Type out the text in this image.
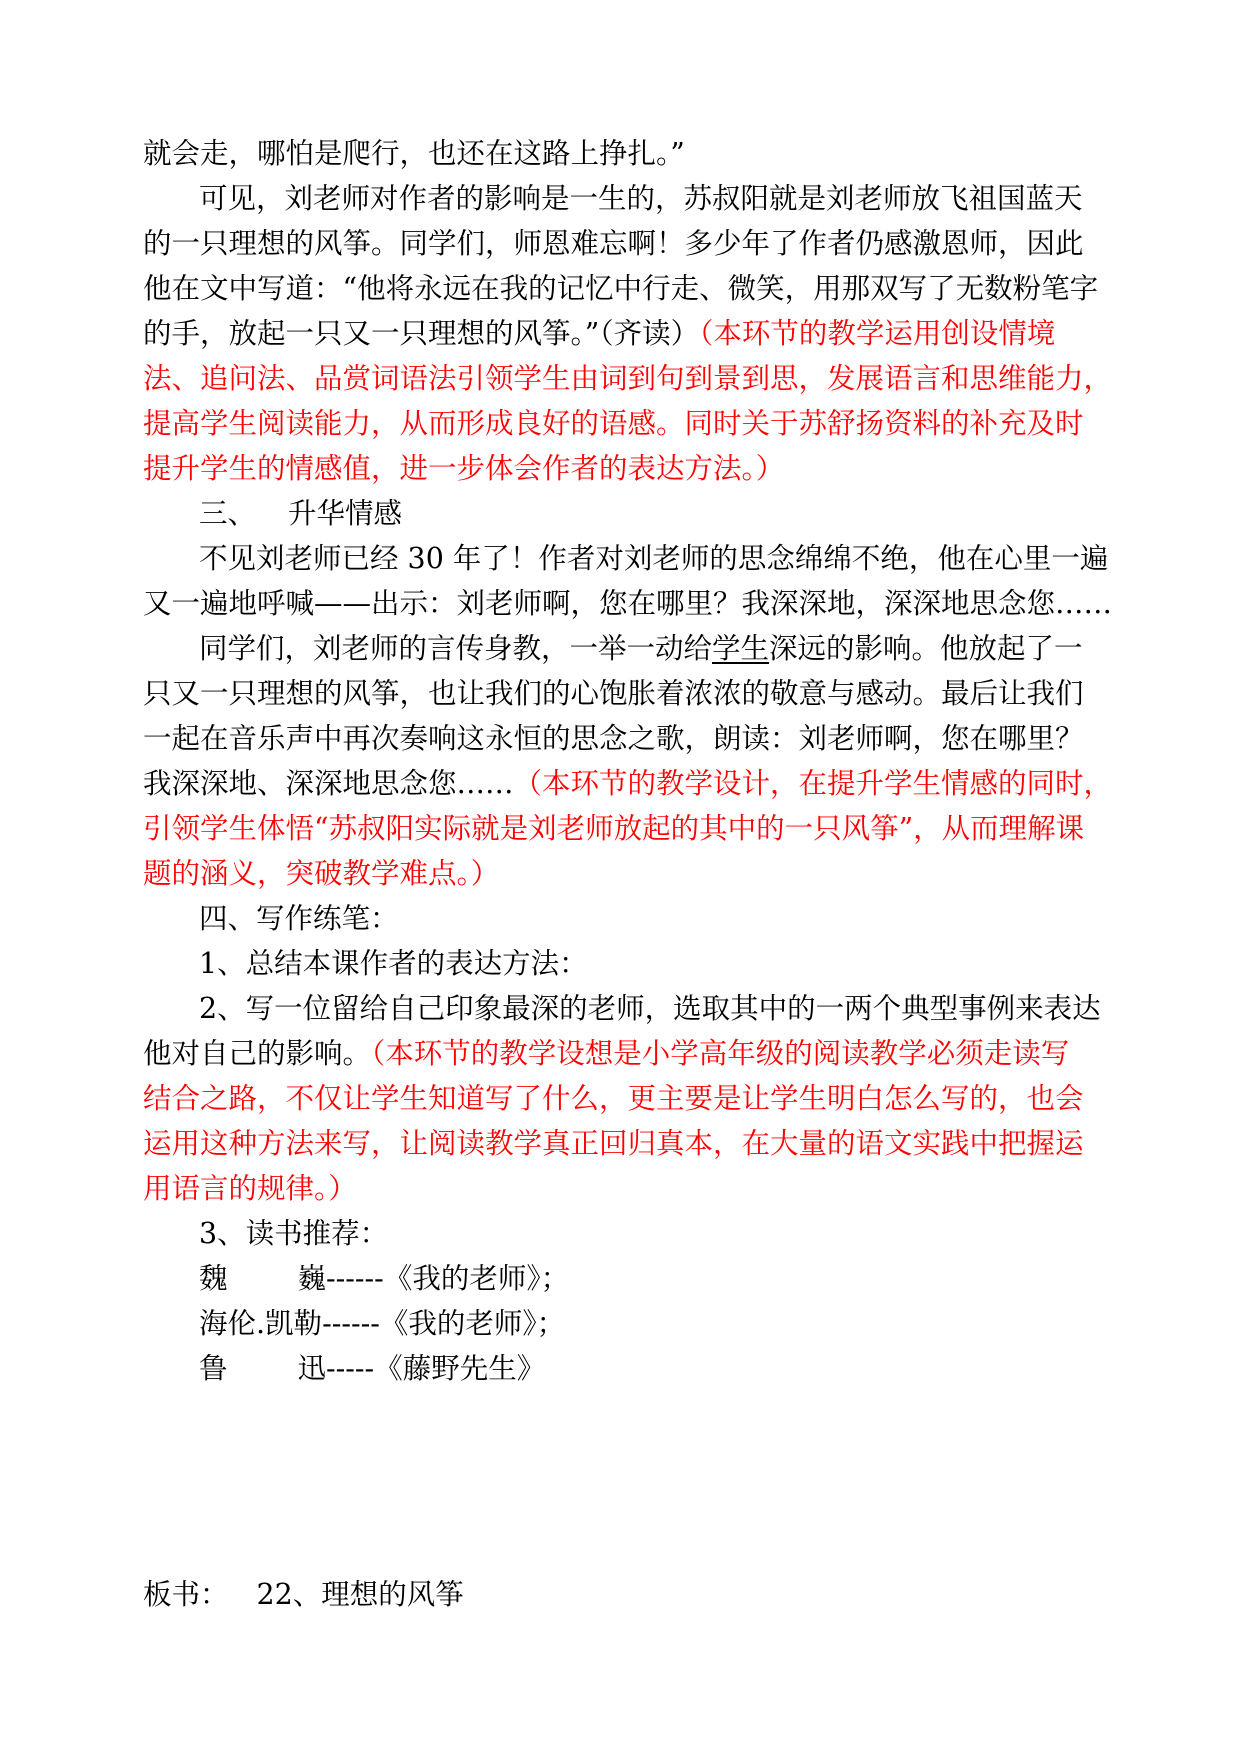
就会走，哪怕是爬行，也还在这路上挣扎。”
可见，刘老师对作者的影响是一生的，苏叔阳就是刘老师放飞祖国蓝天
的一只理想的风筝。同学们，师恩难忘啊！多少年了作者仍感激恩师，因此
他在文中写道：“他将永远在我的记忆中行走、微笑，用那双写了无数粉笔字
的手，放起一只又一只理想的风筝。”（齐读）（本环节的教学运用创设情境
法、追问法、品赏词语法引领学生由词到句到景到思，发展语言和思维能力，
提高学生阅读能力，从而形成良好的语感。同时关于苏舒扬资料的补充及时
提升学生的情感值，进一步体会作者的表达方法。）
三、 升华情感
不见刘老师已经 30 年了！作者对刘老师的思念绵绵不绝，他在心里一遍
又一遍地呼喊——出示：刘老师啊，您在哪里？我深深地，深深地思念您……
同学们，刘老师的言传身教，一举一动给学生深远的影响。他放起了一
只又一只理想的风筝，也让我们的心饱胀着浓浓的敬意与感动。最后让我们
一起在音乐声中再次奏响这永恒的思念之歌，朗读：刘老师啊，您在哪里？
我深深地、深深地思念您……（本环节的教学设计，在提升学生情感的同时，
引领学生体悟“苏叔阳实际就是刘老师放起的其中的一只风筝”，从而理解课
题的涵义，突破教学难点。）
四、写作练笔：
1、总结本课作者的表达方法：
2、写一位留给自己印象最深的老师，选取其中的一两个典型事例来表达
他对自己的影响。（本环节的教学设想是小学高年级的阅读教学必须走读写
结合之路，不仅让学生知道写了什么，更主要是让学生明白怎么写的，也会
运用这种方法来写，让阅读教学真正回归真本，在大量的语文实践中把握运
用语言的规律。）
3、读书推荐：
魏 巍------《我的老师》；
海伦.凯勒------《我的老师》；
鲁 迅-----《藤野先生》
板书： 22、理想的风筝
